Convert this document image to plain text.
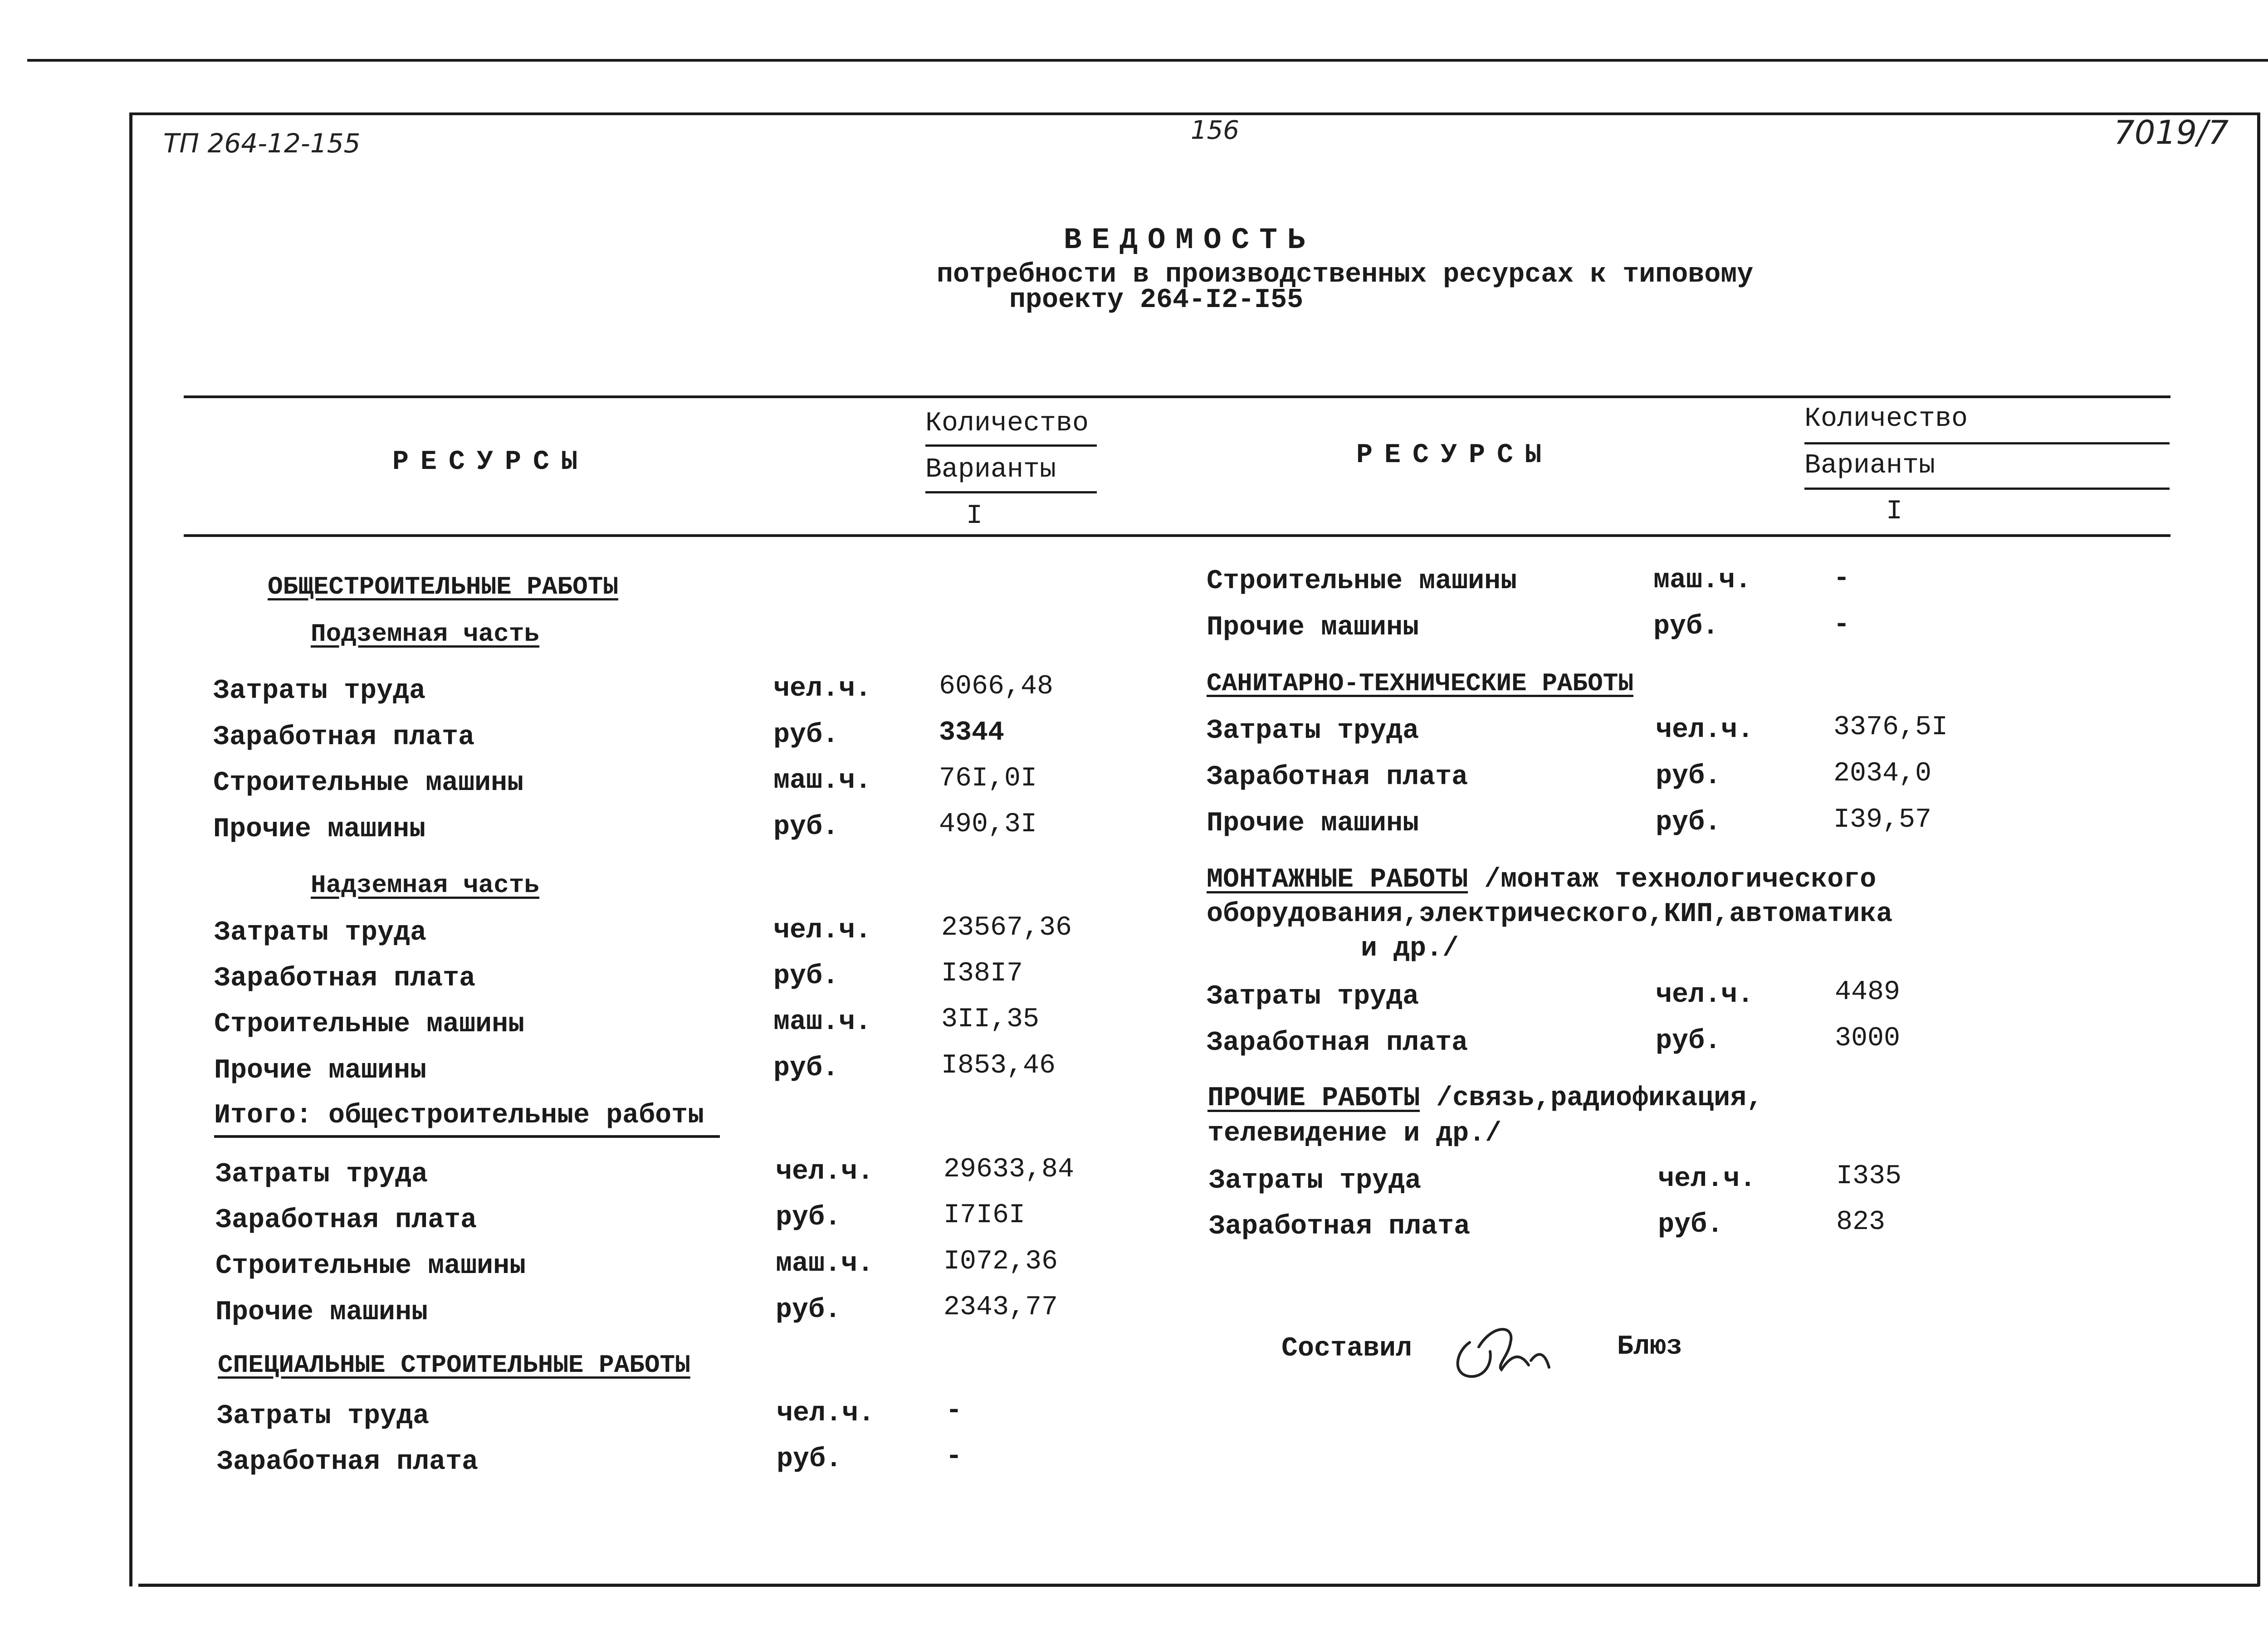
ТП 264-12-155	156	7019/7
ВЕДОМОСТЬ
потребности в производственных ресурсах к типовому
проекту 264-I2-I55
РЕСУРСЫ
Количество
Варианты
I
РЕСУРСЫ
Количество
Варианты
I
ОБЩЕСТРОИТЕЛЬНЫЕ РАБОТЫ
Подземная часть
Затраты труда	чел.ч. 6066,48
Заработная плата	руб.	3344
Строительные машины	маш.ч. 76I,0I
Прочие машины	руб.	490,3I
Надземная часть
Затраты труда	чел.ч.	23567,36
Заработная плата	руб.	I38I7
Строительные машины	маш.ч.	3II,35
Прочие машины	руб.	I853,46
Итого: общестроительные работы
Затраты труда	чел.ч.	29633,84
Заработная плата	руб.	I7I6I
Строительные машины	маш.ч.	I072,36
Прочие машины	руб.	2343,77
СПЕЦИАЛЬНЫЕ СТРОИТЕЛЬНЫЕ РАБОТЫ
Затраты труда	чел.ч.	-
Заработная плата	руб.	-
Строительные машины	маш.ч.	-
Прочие машины	руб.	-
САНИТАРНО-ТЕХНИЧЕСКИЕ РАБОТЫ
Затраты труда	чел.ч.	3376,5I
Заработная плата	руб.	2034,0
Прочие машины	руб.	I39,57
МОНТАЖНЫЕ РАБОТЫ /монтаж технологического
оборудования,электрического,КИП,автоматика
и др./
Затраты труда	чел.ч.	4489
Заработная плата	руб.	3000
ПРОЧИЕ РАБОТЫ /связь,радиофикация,
телевидение и др./
Затраты труда	чел.ч.	I335
Заработная плата	руб.	823
Составил	Блюз
